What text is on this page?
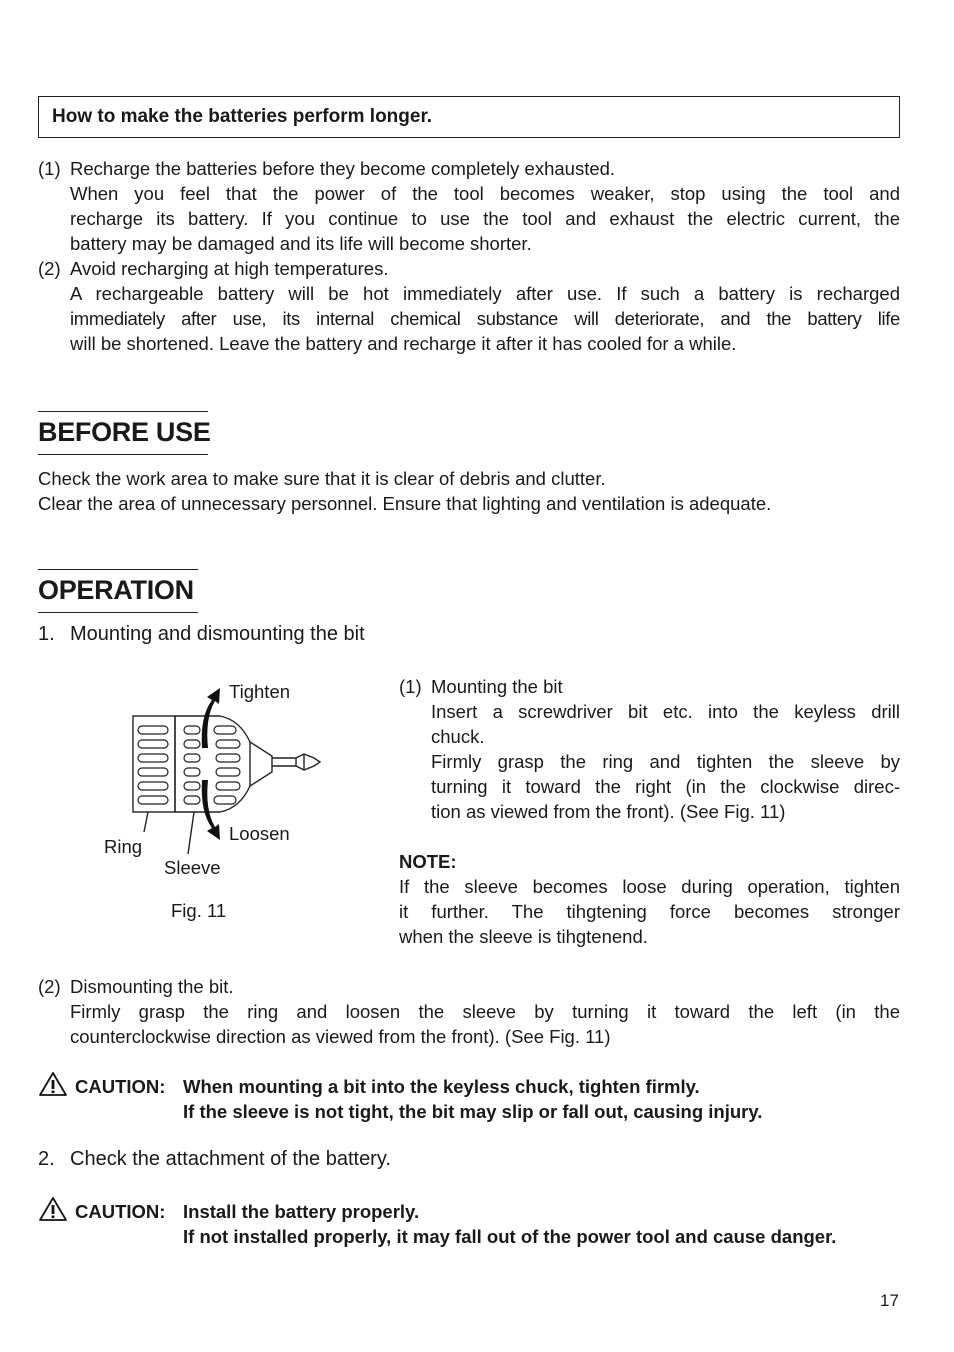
How to make the batteries perform longer.
(1) Recharge the batteries before they become completely exhausted.
When you feel that the power of the tool becomes weaker, stop using the tool and
recharge its battery. If you continue to use the tool and exhaust the electric current, the
battery may be damaged and its life will become shorter.
(2) Avoid recharging at high temperatures.
A rechargeable battery will be hot immediately after use. If such a battery is recharged
immediately after use, its internal chemical substance will deteriorate, and the battery life
will be shortened. Leave the battery and recharge it after it has cooled for a while.
BEFORE USE
Check the work area to make sure that it is clear of debris and clutter.
Clear the area of unnecessary personnel. Ensure that lighting and ventilation is adequate.
OPERATION
1. Mounting and dismounting the bit
Tighten
Loosen
Ring
Sleeve
Fig. 11
(1) Mounting the bit
Insert a screwdriver bit etc. into the keyless drill
chuck.
Firmly grasp the ring and tighten the sleeve by
turning it toward the right (in the clockwise direc-
tion as viewed from the front). (See Fig. 11)
NOTE:
If the sleeve becomes loose during operation, tighten
it further. The tihgtening force becomes stronger
when the sleeve is tihgtenend.
(2) Dismounting the bit.
Firmly grasp the ring and loosen the sleeve by turning it toward the left (in the
counterclockwise direction as viewed from the front). (See Fig. 11)
CAUTION: When mounting a bit into the keyless chuck, tighten firmly.
If the sleeve is not tight, the bit may slip or fall out, causing injury.
2. Check the attachment of the battery.
CAUTION: Install the battery properly.
If not installed properly, it may fall out of the power tool and cause danger.
17
